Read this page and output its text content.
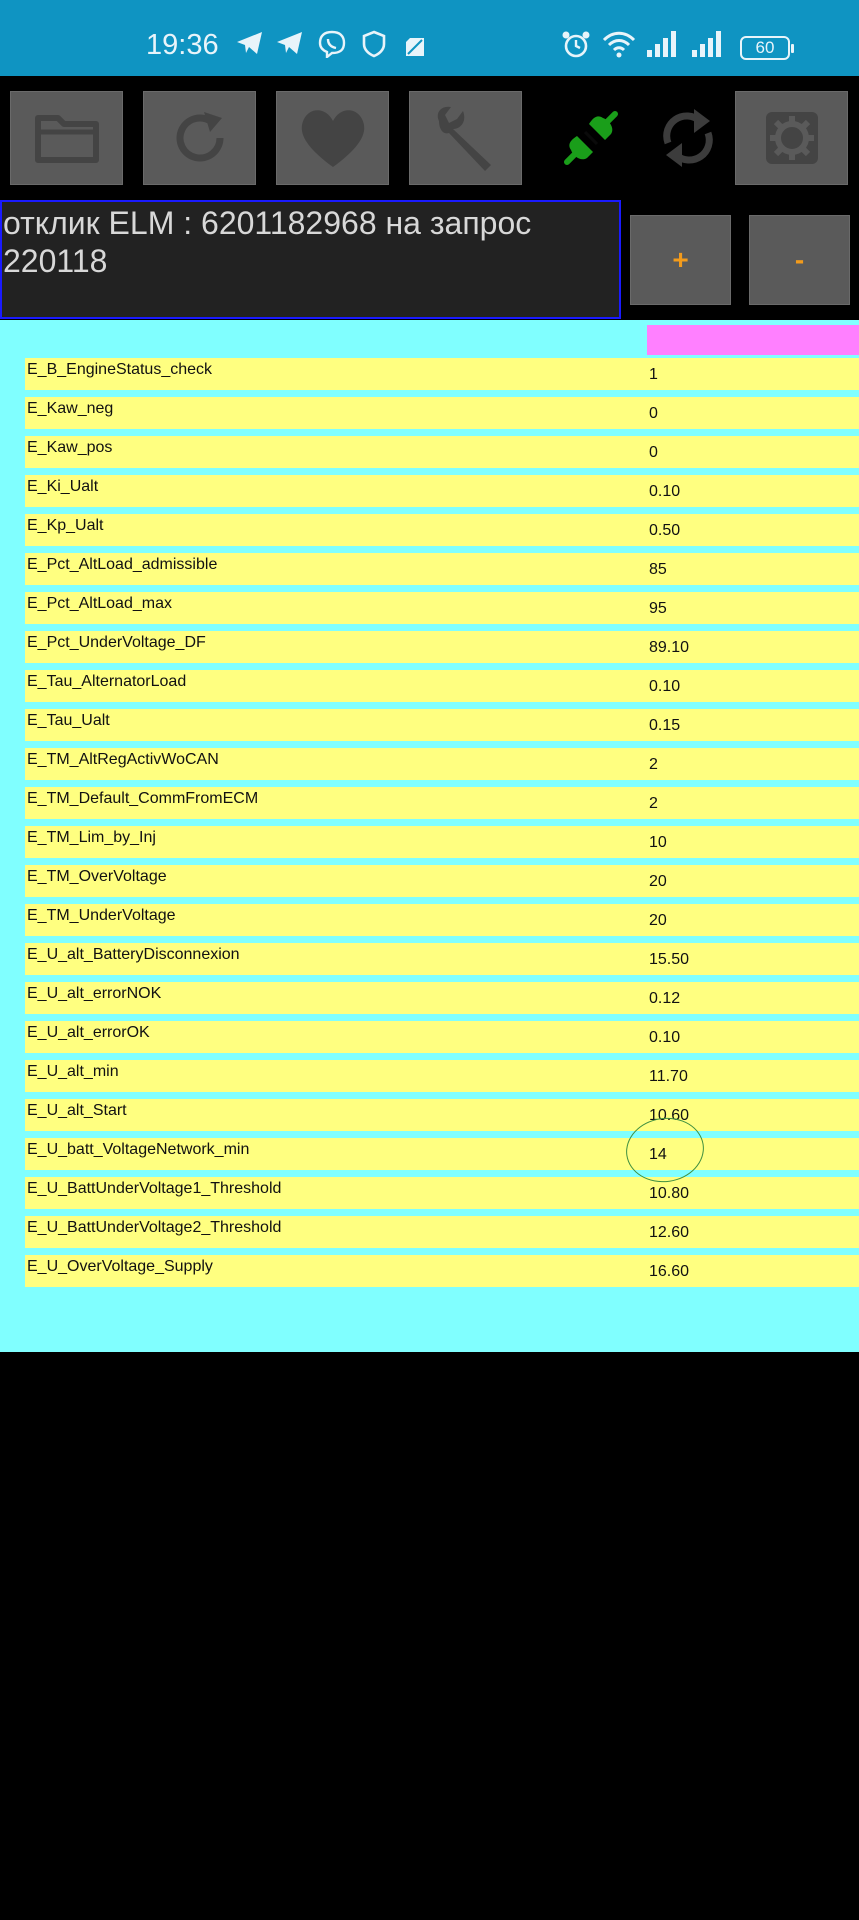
19:36	60
отклик ELM : 6201182968 на запрос 220118	+	-
E_B_EngineStatus_check	1
E_Kaw_neg	0
E_Kaw_pos	0
E_Ki_Ualt	0.10
E_Kp_Ualt	0.50
E_Pct_AltLoad_admissible	85
E_Pct_AltLoad_max	95
E_Pct_UnderVoltage_DF	89.10
E_Tau_AlternatorLoad	0.10
E_Tau_Ualt	0.15
E_TM_AltRegActivWoCAN	2
E_TM_Default_CommFromECM	2
E_TM_Lim_by_Inj	10
E_TM_OverVoltage	20
E_TM_UnderVoltage	20
E_U_alt_BatteryDisconnexion	15.50
E_U_alt_errorNOK	0.12
E_U_alt_errorOK	0.10
E_U_alt_min	11.70
E_U_alt_Start	10.60
E_U_batt_VoltageNetwork_min	14
E_U_BattUnderVoltage1_Threshold	10.80
E_U_BattUnderVoltage2_Threshold	12.60
E_U_OverVoltage_Supply	16.60
